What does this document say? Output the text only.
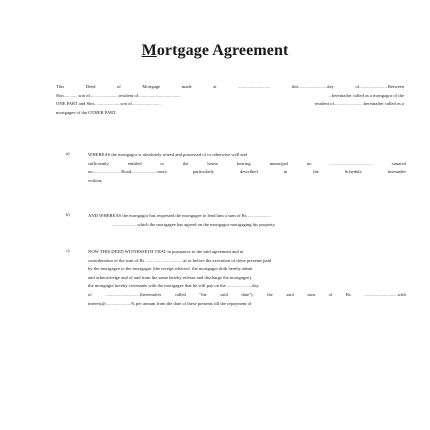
Mortgage Agreement
This	Deed	of	Mortgage	made	at	............................	this.........................day	of.........................Between
Shri.............son of.........................resident of.....................................	...hereinafter called as a mortgagor of the
ONE PART and Shri.......................son of.........................	resident of..........................hereinafter called as a
mortgagee of the OTHER PART.
a)	WHEREAS the mortgagor is absolutely seized and possessed of or otherwise well and
sufficiently	entitled	to	the	house	bearing	municipal	no	.....................................	situated
on.........................Road.......................more	particularly	described	in	the	Schedule	hereunder
written;
b)	AND WHEREAS the mortgagor has requested the mortgagee to lend him a sum of Rs ....................
......................which the mortgagee has agreed on the mortgagor mortgaging his property.
c)	NOW THIS DEED WITNESSETH THAT in pursuance to the said agreement and in
consideration of the sum of Rs .................................at or before the execution of these presents paid
by the mortgagee to the mortgagor (the receipt whereof, the mortgagor doth hereby admit
and acknowledge and of and from the same hereby release and discharge the mortgagee),
the mortgagor hereby covenants with the mortgagee that he will pay on the ......................day
of	..............................(hereinafter	called	"the	said	date"),	the	said	sum	of	Rs	.............................with
interest@......................% per annum from the date of these presents till the repayment of
